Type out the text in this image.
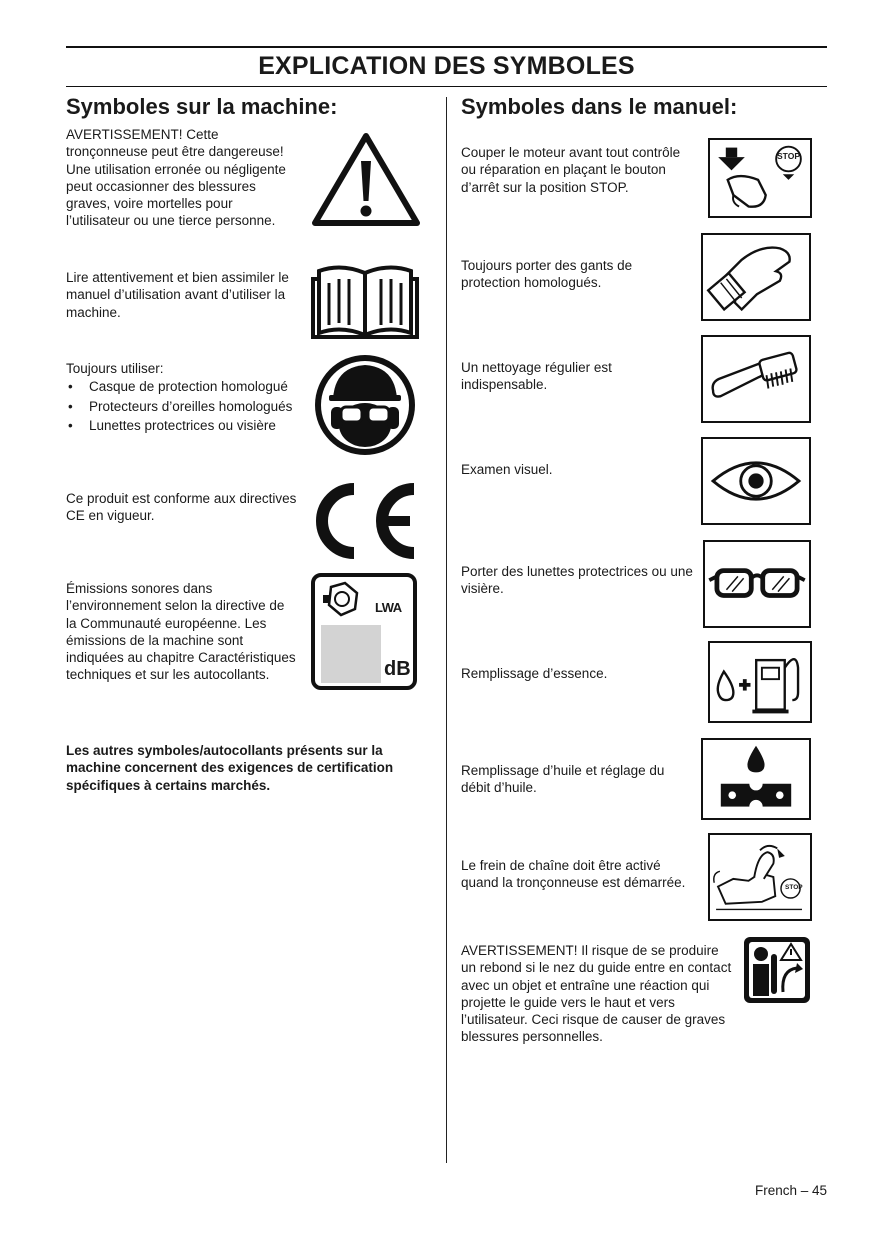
EXPLICATION DES SYMBOLES
Symboles sur la machine:	Symboles dans le manuel:
AVERTISSEMENT! Cette tronçonneuse peut être dangereuse! Une utilisation erronée ou négligente peut occasionner des blessures graves, voire mortelles pour l’utilisateur ou une tierce personne.
Lire attentivement et bien assimiler le manuel d’utilisation avant d’utiliser la machine.
Toujours utiliser:
• Casque de protection homologué
• Protecteurs d’oreilles homologués
• Lunettes protectrices ou visière
Ce produit est conforme aux directives CE en vigueur.
Émissions sonores dans l’environnement selon la directive de la Communauté européenne. Les émissions de la machine sont indiquées au chapitre Caractéristiques techniques et sur les autocollants.
LWA
dB
Les autres symboles/autocollants présents sur la machine concernent des exigences de certification spécifiques à certains marchés.
Couper le moteur avant tout contrôle ou réparation en plaçant le bouton d’arrêt sur la position STOP.
STOP
Toujours porter des gants de protection homologués.
Un nettoyage régulier est indispensable.
Examen visuel.
Porter des lunettes protectrices ou une visière.
Remplissage d’essence.
Remplissage d’huile et réglage du débit d’huile.
Le frein de chaîne doit être activé quand la tronçonneuse est démarrée.	STOP
AVERTISSEMENT! Il risque de se produire un rebond si le nez du guide entre en contact avec un objet et entraîne une réaction qui projette le guide vers le haut et vers l’utilisateur. Ceci risque de causer de graves blessures personnelles.
French – 45
